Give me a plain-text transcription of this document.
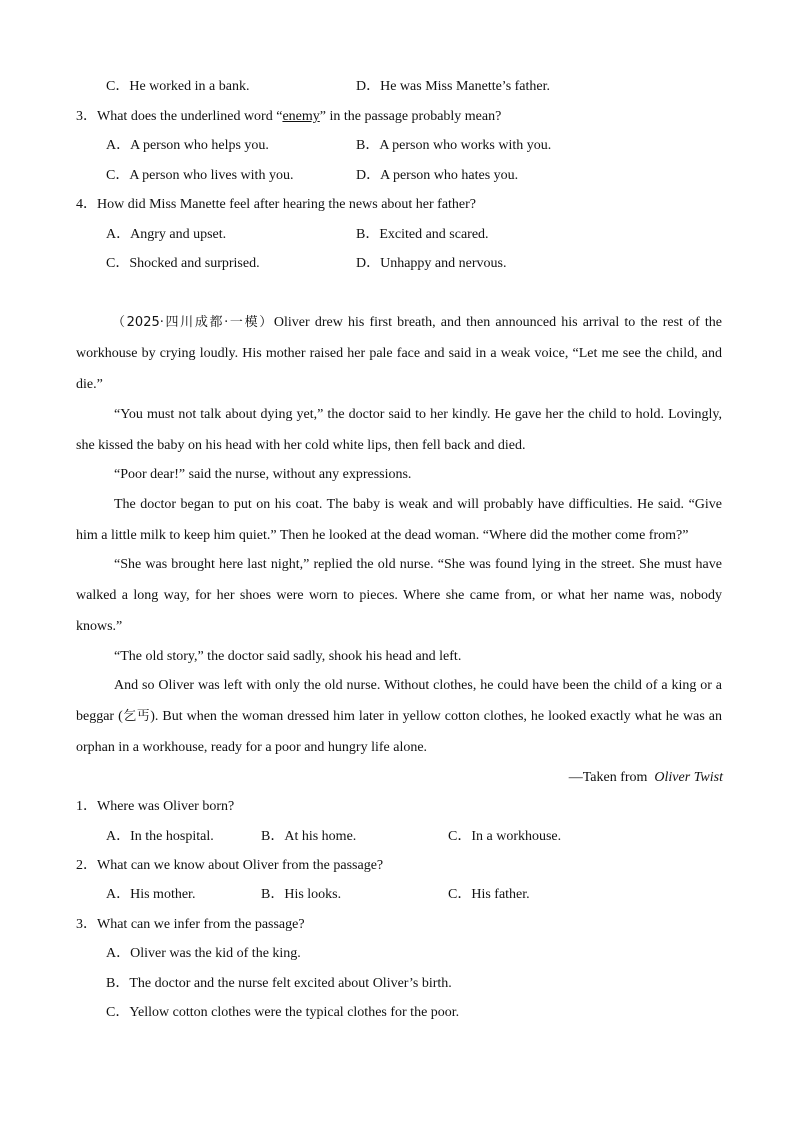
C．He worked in a bank.	D．He was Miss Manette’s father.
3．What does the underlined word “enemy” in the passage probably mean?
A．A person who helps you.	B．A person who works with you.
C．A person who lives with you.	D．A person who hates you.
4．How did Miss Manette feel after hearing the news about her father?
A．Angry and upset.	B．Excited and scared.
C．Shocked and surprised.	D．Unhappy and nervous.
（2025·四川成都·一模）Oliver drew his first breath, and then announced his arrival to the rest of the
workhouse by crying loudly. His mother raised her pale face and said in a weak voice, “Let me see the child, and
die.”
“You must not talk about dying yet,” the doctor said to her kindly. He gave her the child to hold. Lovingly,
she kissed the baby on his head with her cold white lips, then fell back and died.
“Poor dear!” said the nurse, without any expressions.
The doctor began to put on his coat. The baby is weak and will probably have difficulties. He said. “Give
him a little milk to keep him quiet.” Then he looked at the dead woman. “Where did the mother come from?”
“She was brought here last night,” replied the old nurse. “She was found lying in the street. She must have
walked a long way, for her shoes were worn to pieces. Where she came from, or what her name was, nobody
knows.”
“The old story,” the doctor said sadly, shook his head and left.
And so Oliver was left with only the old nurse. Without clothes, he could have been the child of a king or a
beggar (乞丐). But when the woman dressed him later in yellow cotton clothes, he looked exactly what he was an
orphan in a workhouse, ready for a poor and hungry life alone.
—Taken from Oliver Twist
1．Where was Oliver born?
A．In the hospital.	B．At his home.	C．In a workhouse.
2．What can we know about Oliver from the passage?
A．His mother.	B．His looks.	C．His father.
3．What can we infer from the passage?
A．Oliver was the kid of the king.
B．The doctor and the nurse felt excited about Oliver’s birth.
C．Yellow cotton clothes were the typical clothes for the poor.
